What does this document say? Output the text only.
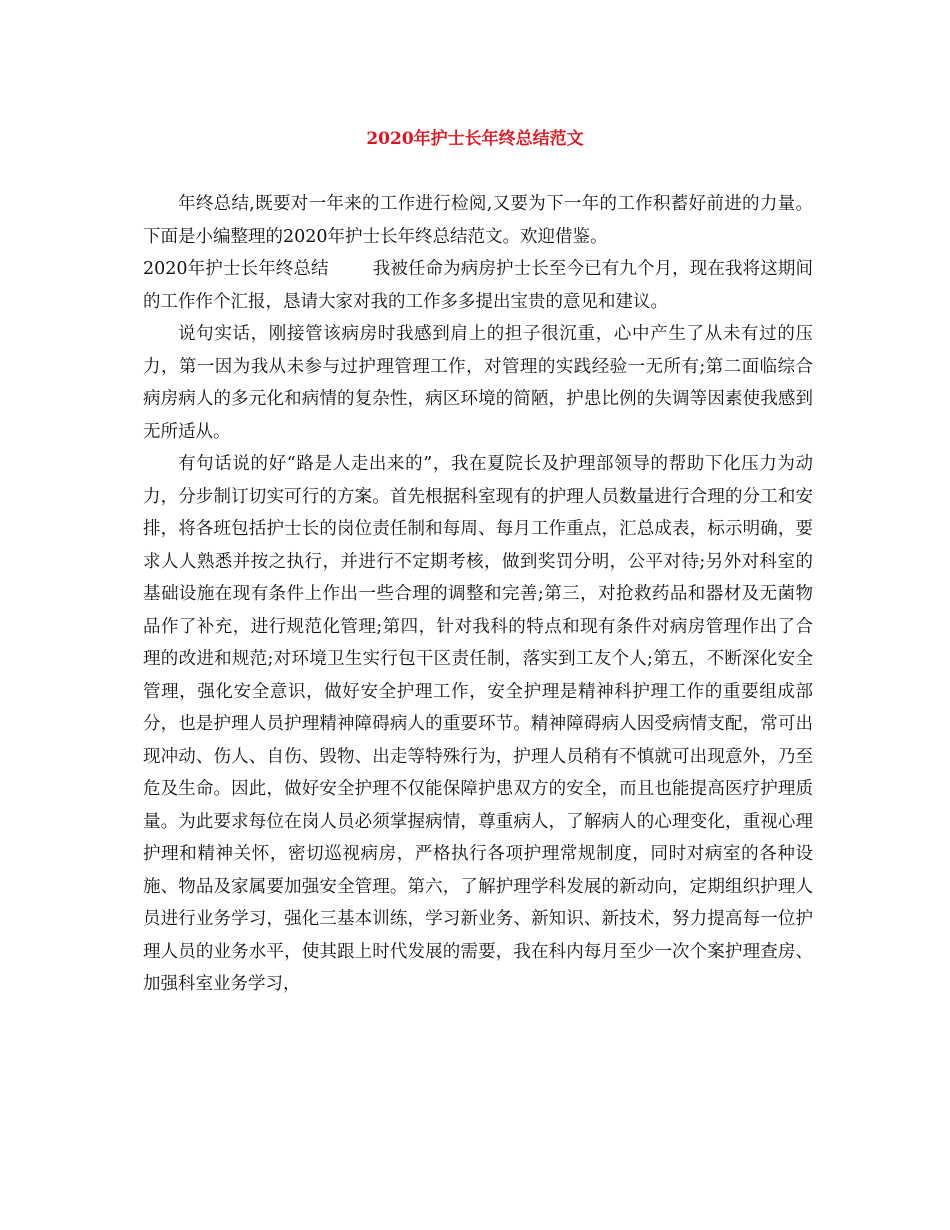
2020年护士长年终总结范文

年终总结,既要对一年来的工作进行检阅,又要为下一年的工作积蓄好前进的力量。下面是小编整理的2020年护士长年终总结范文。欢迎借鉴。

2020年护士长年终总结	我被任命为病房护士长至今已有九个月，现在我将这期间的工作作个汇报，恳请大家对我的工作多多提出宝贵的意见和建议。

说句实话，刚接管该病房时我感到肩上的担子很沉重，心中产生了从未有过的压力，第一因为我从未参与过护理管理工作，对管理的实践经验一无所有;第二面临综合病房病人的多元化和病情的复杂性，病区环境的简陋，护患比例的失调等因素使我感到无所适从。

有句话说的好“路是人走出来的”，我在夏院长及护理部领导的帮助下化压力为动力，分步制订切实可行的方案。首先根据科室现有的护理人员数量进行合理的分工和安排，将各班包括护士长的岗位责任制和每周、每月工作重点，汇总成表，标示明确，要求人人熟悉并按之执行，并进行不定期考核，做到奖罚分明，公平对待;另外对科室的基础设施在现有条件上作出一些合理的调整和完善;第三，对抢救药品和器材及无菌物品作了补充，进行规范化管理;第四，针对我科的特点和现有条件对病房管理作出了合理的改进和规范;对环境卫生实行包干区责任制，落实到工友个人;第五，不断深化安全管理，强化安全意识，做好安全护理工作，安全护理是精神科护理工作的重要组成部分，也是护理人员护理精神障碍病人的重要环节。精神障碍病人因受病情支配，常可出现冲动、伤人、自伤、毁物、出走等特殊行为，护理人员稍有不慎就可出现意外，乃至危及生命。因此，做好安全护理不仅能保障护患双方的安全，而且也能提高医疗护理质量。为此要求每位在岗人员必须掌握病情，尊重病人，了解病人的心理变化，重视心理护理和精神关怀，密切巡视病房，严格执行各项护理常规制度，同时对病室的各种设施、物品及家属要加强安全管理。第六，了解护理学科发展的新动向，定期组织护理人员进行业务学习，强化三基本训练，学习新业务、新知识、新技术，努力提高每一位护理人员的业务水平，使其跟上时代发展的需要，我在科内每月至少一次个案护理查房、加强科室业务学习，
